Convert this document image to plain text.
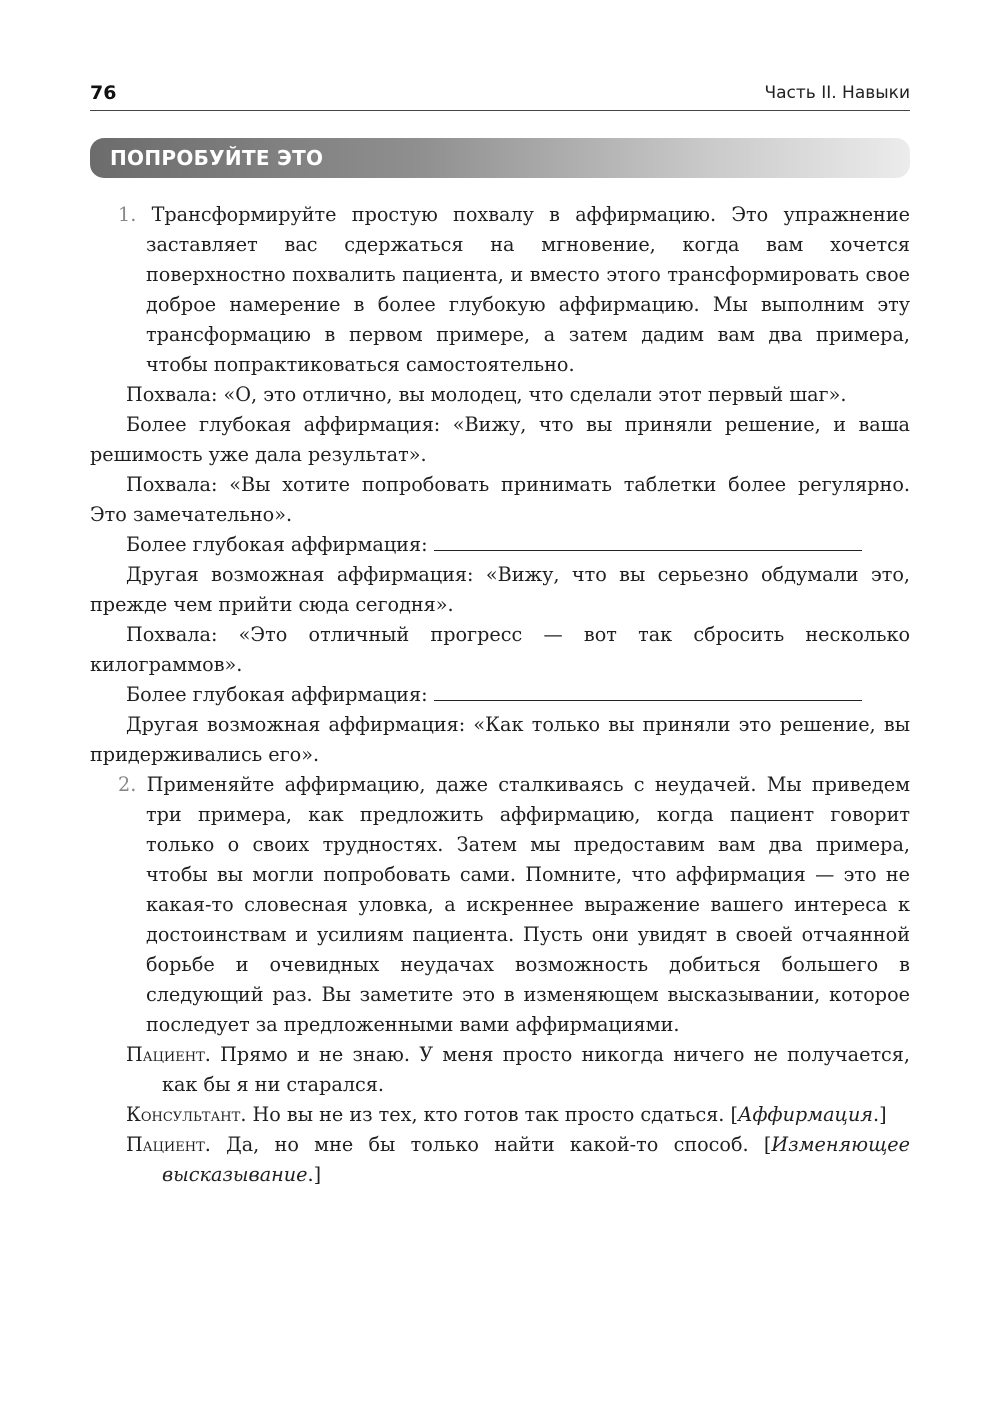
76	Часть II. Навыки
ПОПРОБУЙТЕ ЭТО

1. Трансформируйте простую похвалу в аффирмацию. Это упражнение заставляет вас сдержаться на мгновение, когда вам хочется поверхностно похвалить пациента, и вместо этого трансформировать свое доброе намерение в более глубокую аффирмацию. Мы выполним эту трансформацию в первом примере, а затем дадим вам два примера, чтобы попрактиковаться самостоятельно.

Похвала: «О, это отлично, вы молодец, что сделали этот первый шаг».

Более глубокая аффирмация: «Вижу, что вы приняли решение, и ваша решимость уже дала результат».

Похвала: «Вы хотите попробовать принимать таблетки более регулярно. Это замечательно».

Более глубокая аффирмация:

Другая возможная аффирмация: «Вижу, что вы серьезно обдумали это, прежде чем прийти сюда сегодня».

Похвала: «Это отличный прогресс — вот так сбросить несколько килограммов».

Более глубокая аффирмация:

Другая возможная аффирмация: «Как только вы приняли это решение, вы придерживались его».

2. Применяйте аффирмацию, даже сталкиваясь с неудачей. Мы приведем три примера, как предложить аффирмацию, когда пациент говорит только о своих трудностях. Затем мы предоставим вам два примера, чтобы вы могли попробовать сами. Помните, что аффирмация — это не какая-то словесная уловка, а искреннее выражение вашего интереса к достоинствам и усилиям пациента. Пусть они увидят в своей отчаянной борьбе и очевидных неудачах возможность добиться большего в следующий раз. Вы заметите это в изменяющем высказывании, которое последует за предложенными вами аффирмациями.

Пациент. Прямо и не знаю. У меня просто никогда ничего не получается, как бы я ни старался.

Консультант. Но вы не из тех, кто готов так просто сдаться. [Аффирмация.]

Пациент. Да, но мне бы только найти какой-то способ. [Изменяющее высказывание.]
